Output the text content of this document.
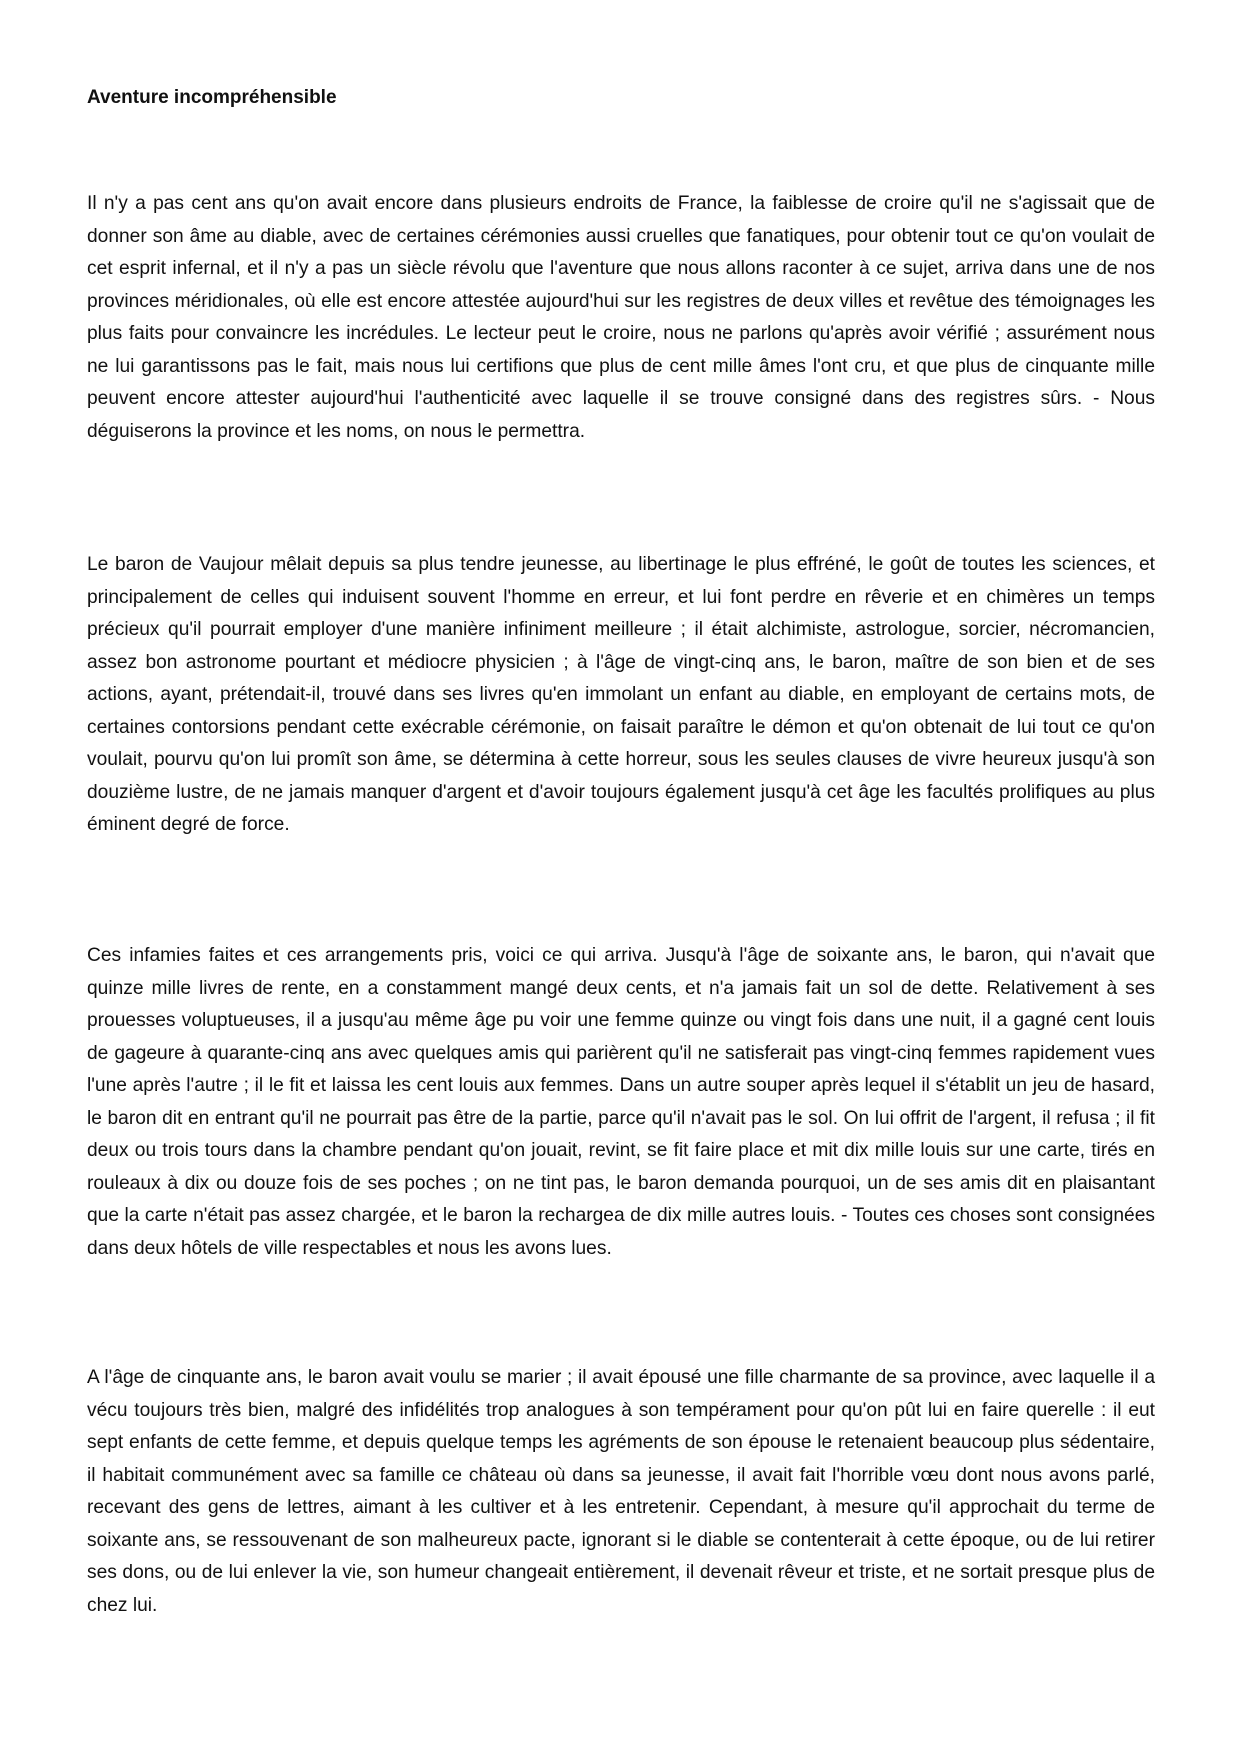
Aventure incompréhensible

Il n'y a pas cent ans qu'on avait encore dans plusieurs endroits de France, la faiblesse de croire qu'il ne s'agissait que de donner son âme au diable, avec de certaines cérémonies aussi cruelles que fanatiques, pour obtenir tout ce qu'on voulait de cet esprit infernal, et il n'y a pas un siècle révolu que l'aventure que nous allons raconter à ce sujet, arriva dans une de nos provinces méridionales, où elle est encore attestée aujourd'hui sur les registres de deux villes et revêtue des témoignages les plus faits pour convaincre les incrédules. Le lecteur peut le croire, nous ne parlons qu'après avoir vérifié ; assurément nous ne lui garantissons pas le fait, mais nous lui certifions que plus de cent mille âmes l'ont cru, et que plus de cinquante mille peuvent encore attester aujourd'hui l'authenticité avec laquelle il se trouve consigné dans des registres sûrs. - Nous déguiserons la province et les noms, on nous le permettra.

Le baron de Vaujour mêlait depuis sa plus tendre jeunesse, au libertinage le plus effréné, le goût de toutes les sciences, et principalement de celles qui induisent souvent l'homme en erreur, et lui font perdre en rêverie et en chimères un temps précieux qu'il pourrait employer d'une manière infiniment meilleure ; il était alchimiste, astrologue, sorcier, nécromancien, assez bon astronome pourtant et médiocre physicien ; à l'âge de vingt-cinq ans, le baron, maître de son bien et de ses actions, ayant, prétendait-il, trouvé dans ses livres qu'en immolant un enfant au diable, en employant de certains mots, de certaines contorsions pendant cette exécrable cérémonie, on faisait paraître le démon et qu'on obtenait de lui tout ce qu'on voulait, pourvu qu'on lui promît son âme, se détermina à cette horreur, sous les seules clauses de vivre heureux jusqu'à son douzième lustre, de ne jamais manquer d'argent et d'avoir toujours également jusqu'à cet âge les facultés prolifiques au plus éminent degré de force.

Ces infamies faites et ces arrangements pris, voici ce qui arriva. Jusqu'à l'âge de soixante ans, le baron, qui n'avait que quinze mille livres de rente, en a constamment mangé deux cents, et n'a jamais fait un sol de dette. Relativement à ses prouesses voluptueuses, il a jusqu'au même âge pu voir une femme quinze ou vingt fois dans une nuit, il a gagné cent louis de gageure à quarante-cinq ans avec quelques amis qui parièrent qu'il ne satisferait pas vingt-cinq femmes rapidement vues l'une après l'autre ; il le fit et laissa les cent louis aux femmes. Dans un autre souper après lequel il s'établit un jeu de hasard, le baron dit en entrant qu'il ne pourrait pas être de la partie, parce qu'il n'avait pas le sol. On lui offrit de l'argent, il refusa ; il fit deux ou trois tours dans la chambre pendant qu'on jouait, revint, se fit faire place et mit dix mille louis sur une carte, tirés en rouleaux à dix ou douze fois de ses poches ; on ne tint pas, le baron demanda pourquoi, un de ses amis dit en plaisantant que la carte n'était pas assez chargée, et le baron la rechargea de dix mille autres louis. - Toutes ces choses sont consignées dans deux hôtels de ville respectables et nous les avons lues.

A l'âge de cinquante ans, le baron avait voulu se marier ; il avait épousé une fille charmante de sa province, avec laquelle il a vécu toujours très bien, malgré des infidélités trop analogues à son tempérament pour qu'on pût lui en faire querelle : il eut sept enfants de cette femme, et depuis quelque temps les agréments de son épouse le retenaient beaucoup plus sédentaire, il habitait communément avec sa famille ce château où dans sa jeunesse, il avait fait l'horrible vœu dont nous avons parlé, recevant des gens de lettres, aimant à les cultiver et à les entretenir. Cependant, à mesure qu'il approchait du terme de soixante ans, se ressouvenant de son malheureux pacte, ignorant si le diable se contenterait à cette époque, ou de lui retirer ses dons, ou de lui enlever la vie, son humeur changeait entièrement, il devenait rêveur et triste, et ne sortait presque plus de chez lui.
